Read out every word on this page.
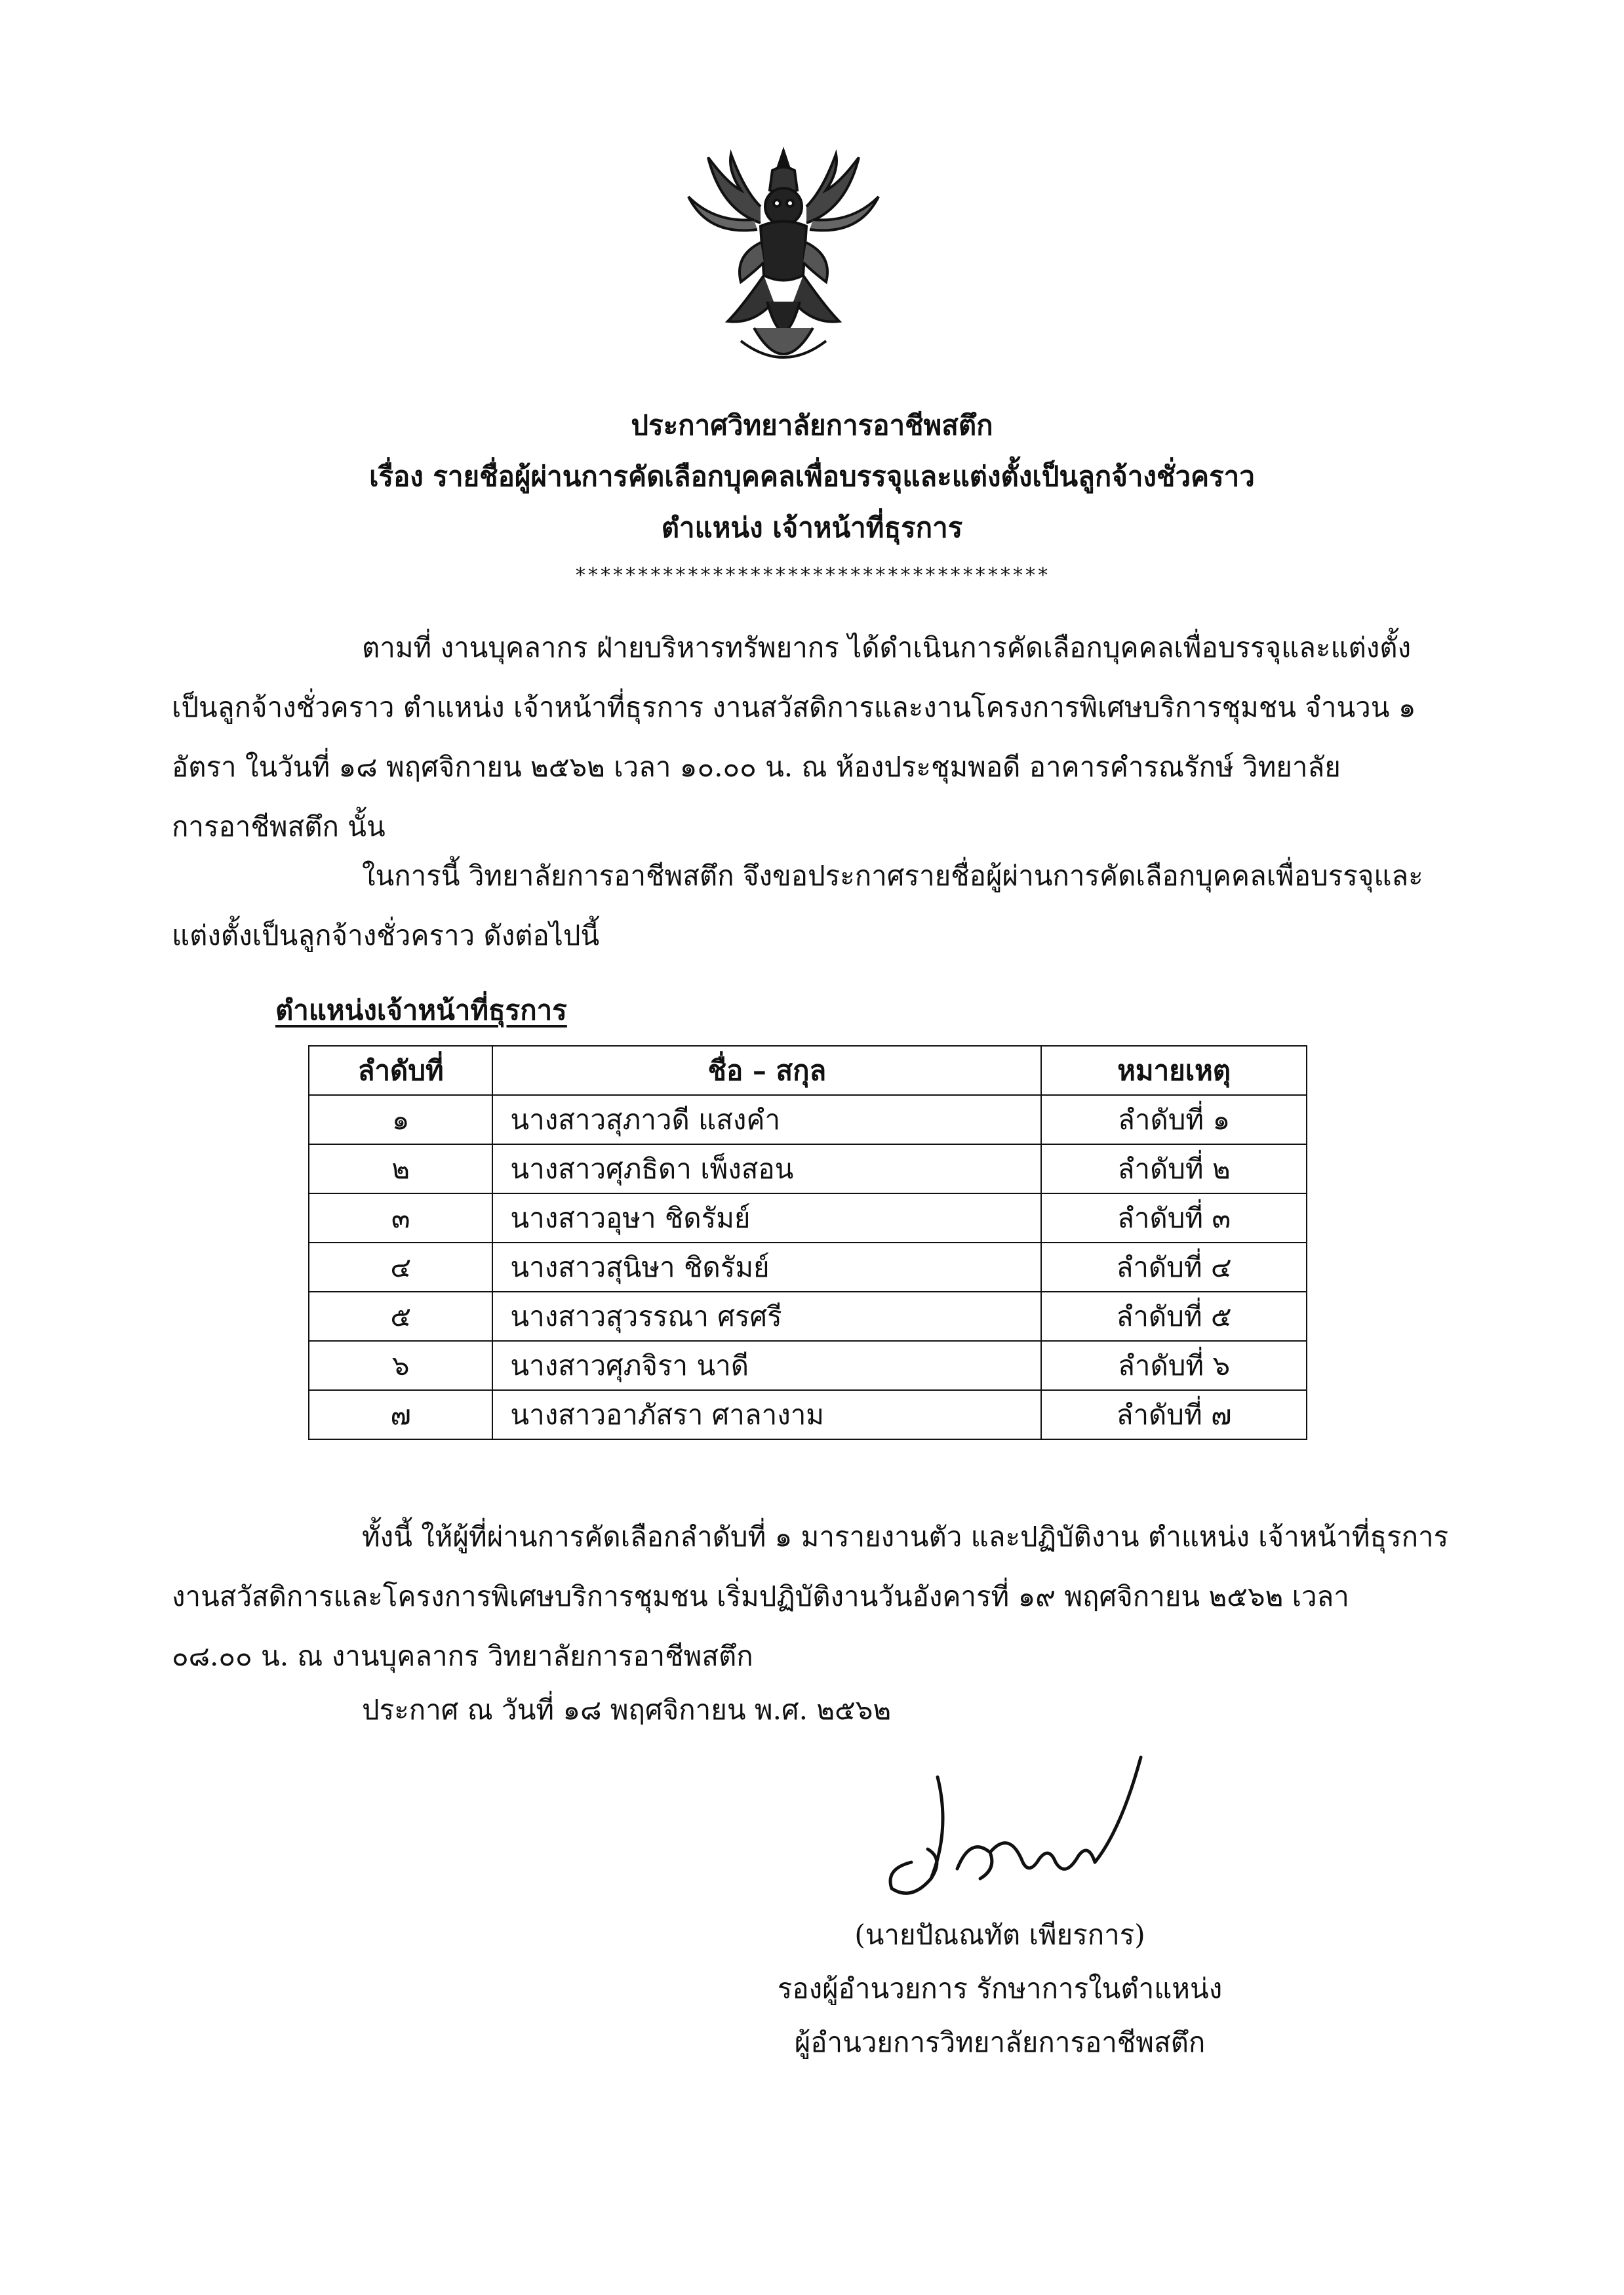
ประกาศวิทยาลัยการอาชีพสตึก
เรื่อง รายชื่อผู้ผ่านการคัดเลือกบุคคลเพื่อบรรจุและแต่งตั้งเป็นลูกจ้างชั่วคราว
ตำแหน่ง เจ้าหน้าที่ธุรการ
**************************************
ตามที่ งานบุคลากร ฝ่ายบริหารทรัพยากร ได้ดำเนินการคัดเลือกบุคคลเพื่อบรรจุและแต่งตั้ง
เป็นลูกจ้างชั่วคราว ตำแหน่ง เจ้าหน้าที่ธุรการ งานสวัสดิการและงานโครงการพิเศษบริการชุมชน จำนวน ๑
อัตรา ในวันที่ ๑๘ พฤศจิกายน ๒๕๖๒ เวลา ๑๐.๐๐ น. ณ ห้องประชุมพอดี อาคารคำรณรักษ์ วิทยาลัย
การอาชีพสตึก นั้น
ในการนี้ วิทยาลัยการอาชีพสตึก จึงขอประกาศรายชื่อผู้ผ่านการคัดเลือกบุคคลเพื่อบรรจุและ
แต่งตั้งเป็นลูกจ้างชั่วคราว ดังต่อไปนี้
ตำแหน่งเจ้าหน้าที่ธุรการ
ลำดับที่	ชื่อ – สกุล	หมายเหตุ
๑	นางสาวสุภาวดี แสงคำ	ลำดับที่ ๑
๒	นางสาวศุภธิดา เพ็งสอน	ลำดับที่ ๒
๓	นางสาวอุษา ชิดรัมย์	ลำดับที่ ๓
๔	นางสาวสุนิษา ชิดรัมย์	ลำดับที่ ๔
๕	นางสาวสุวรรณา ศรศรี	ลำดับที่ ๕
๖	นางสาวศุภจิรา นาดี	ลำดับที่ ๖
๗	นางสาวอาภัสรา ศาลางาม	ลำดับที่ ๗
ทั้งนี้ ให้ผู้ที่ผ่านการคัดเลือกลำดับที่ ๑ มารายงานตัว และปฏิบัติงาน ตำแหน่ง เจ้าหน้าที่ธุรการ
งานสวัสดิการและโครงการพิเศษบริการชุมชน เริ่มปฏิบัติงานวันอังคารที่ ๑๙ พฤศจิกายน ๒๕๖๒ เวลา
๐๘.๐๐ น. ณ งานบุคลากร วิทยาลัยการอาชีพสตึก
ประกาศ ณ วันที่ ๑๘ พฤศจิกายน พ.ศ. ๒๕๖๒
(นายปัณณทัต เพียรการ)
รองผู้อำนวยการ รักษาการในตำแหน่ง
ผู้อำนวยการวิทยาลัยการอาชีพสตึก
